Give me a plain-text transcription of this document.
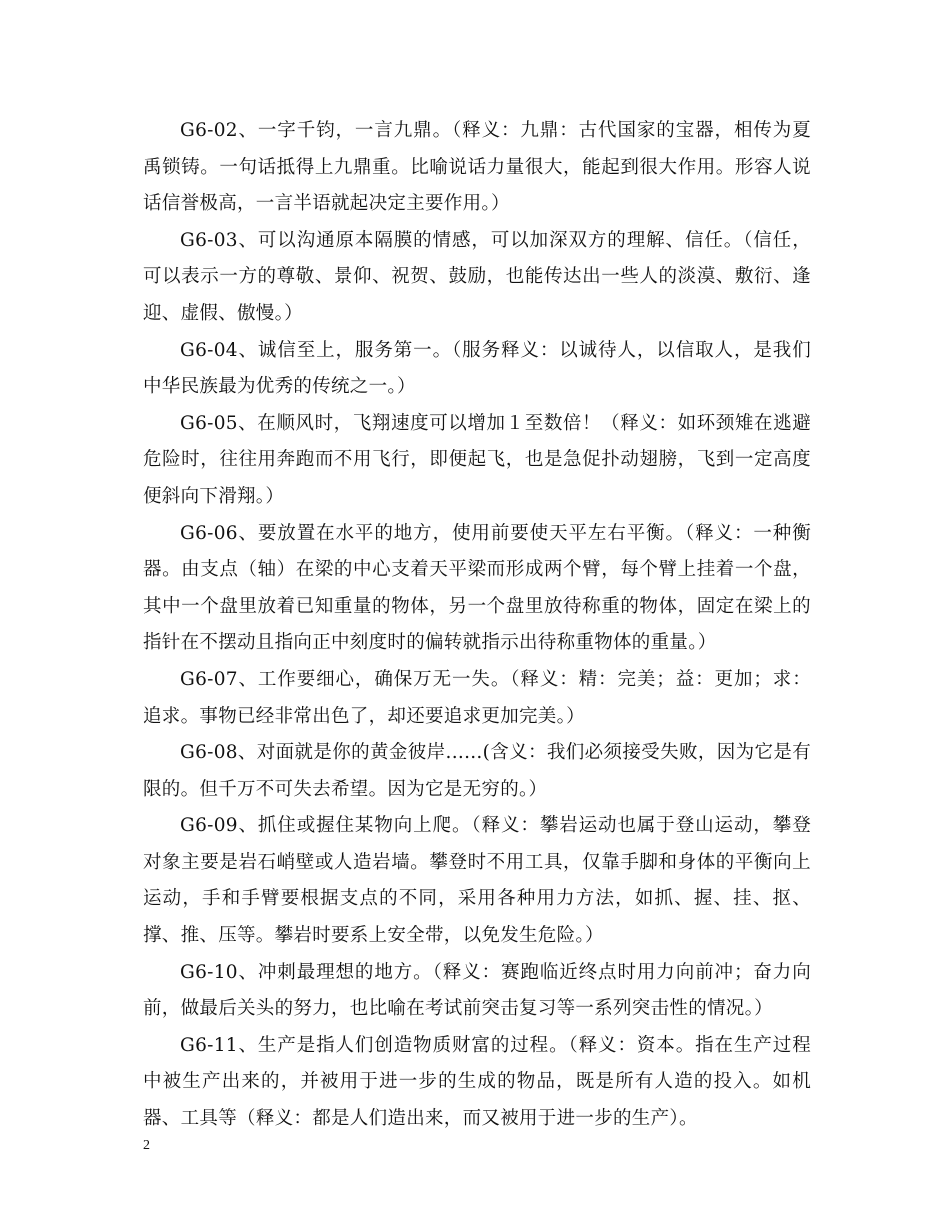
G6-02、一字千钧，一言九鼎。（释义：九鼎：古代国家的宝器，相传为夏禹锁铸。一句话抵得上九鼎重。比喻说话力量很大，能起到很大作用。形容人说话信誉极高，一言半语就起决定主要作用。）

G6-03、可以沟通原本隔膜的情感，可以加深双方的理解、信任。（信任，可以表示一方的尊敬、景仰、祝贺、鼓励，也能传达出一些人的淡漠、敷衍、逢迎、虚假、傲慢。）

G6-04、诚信至上，服务第一。（服务释义：以诚待人，以信取人，是我们中华民族最为优秀的传统之一。）

G6-05、在顺风时，飞翔速度可以增加１至数倍！（释义：如环颈雉在逃避危险时，往往用奔跑而不用飞行，即便起飞，也是急促扑动翅膀，飞到一定高度便斜向下滑翔。）

G6-06、要放置在水平的地方，使用前要使天平左右平衡。（释义：一种衡器。由支点（轴）在梁的中心支着天平梁而形成两个臂，每个臂上挂着一个盘，其中一个盘里放着已知重量的物体，另一个盘里放待称重的物体，固定在梁上的指针在不摆动且指向正中刻度时的偏转就指示出待称重物体的重量。）

G6-07、工作要细心，确保万无一失。（释义：精：完美；益：更加；求：追求。事物已经非常出色了，却还要追求更加完美。）

G6-08、对面就是你的黄金彼岸......(含义：我们必须接受失败，因为它是有限的。但千万不可失去希望。因为它是无穷的。）

G6-09、抓住或握住某物向上爬。（释义：攀岩运动也属于登山运动，攀登对象主要是岩石峭壁或人造岩墙。攀登时不用工具，仅靠手脚和身体的平衡向上运动，手和手臂要根据支点的不同，采用各种用力方法，如抓、握、挂、抠、撑、推、压等。攀岩时要系上安全带，以免发生危险。）

G6-10、冲刺最理想的地方。（释义：赛跑临近终点时用力向前冲；奋力向前，做最后关头的努力，也比喻在考试前突击复习等一系列突击性的情况。）

G6-11、生产是指人们创造物质财富的过程。（释义：资本。指在生产过程中被生产出来的，并被用于进一步的生成的物品，既是所有人造的投入。如机器、工具等（释义：都是人们造出来，而又被用于进一步的生产）。

2
